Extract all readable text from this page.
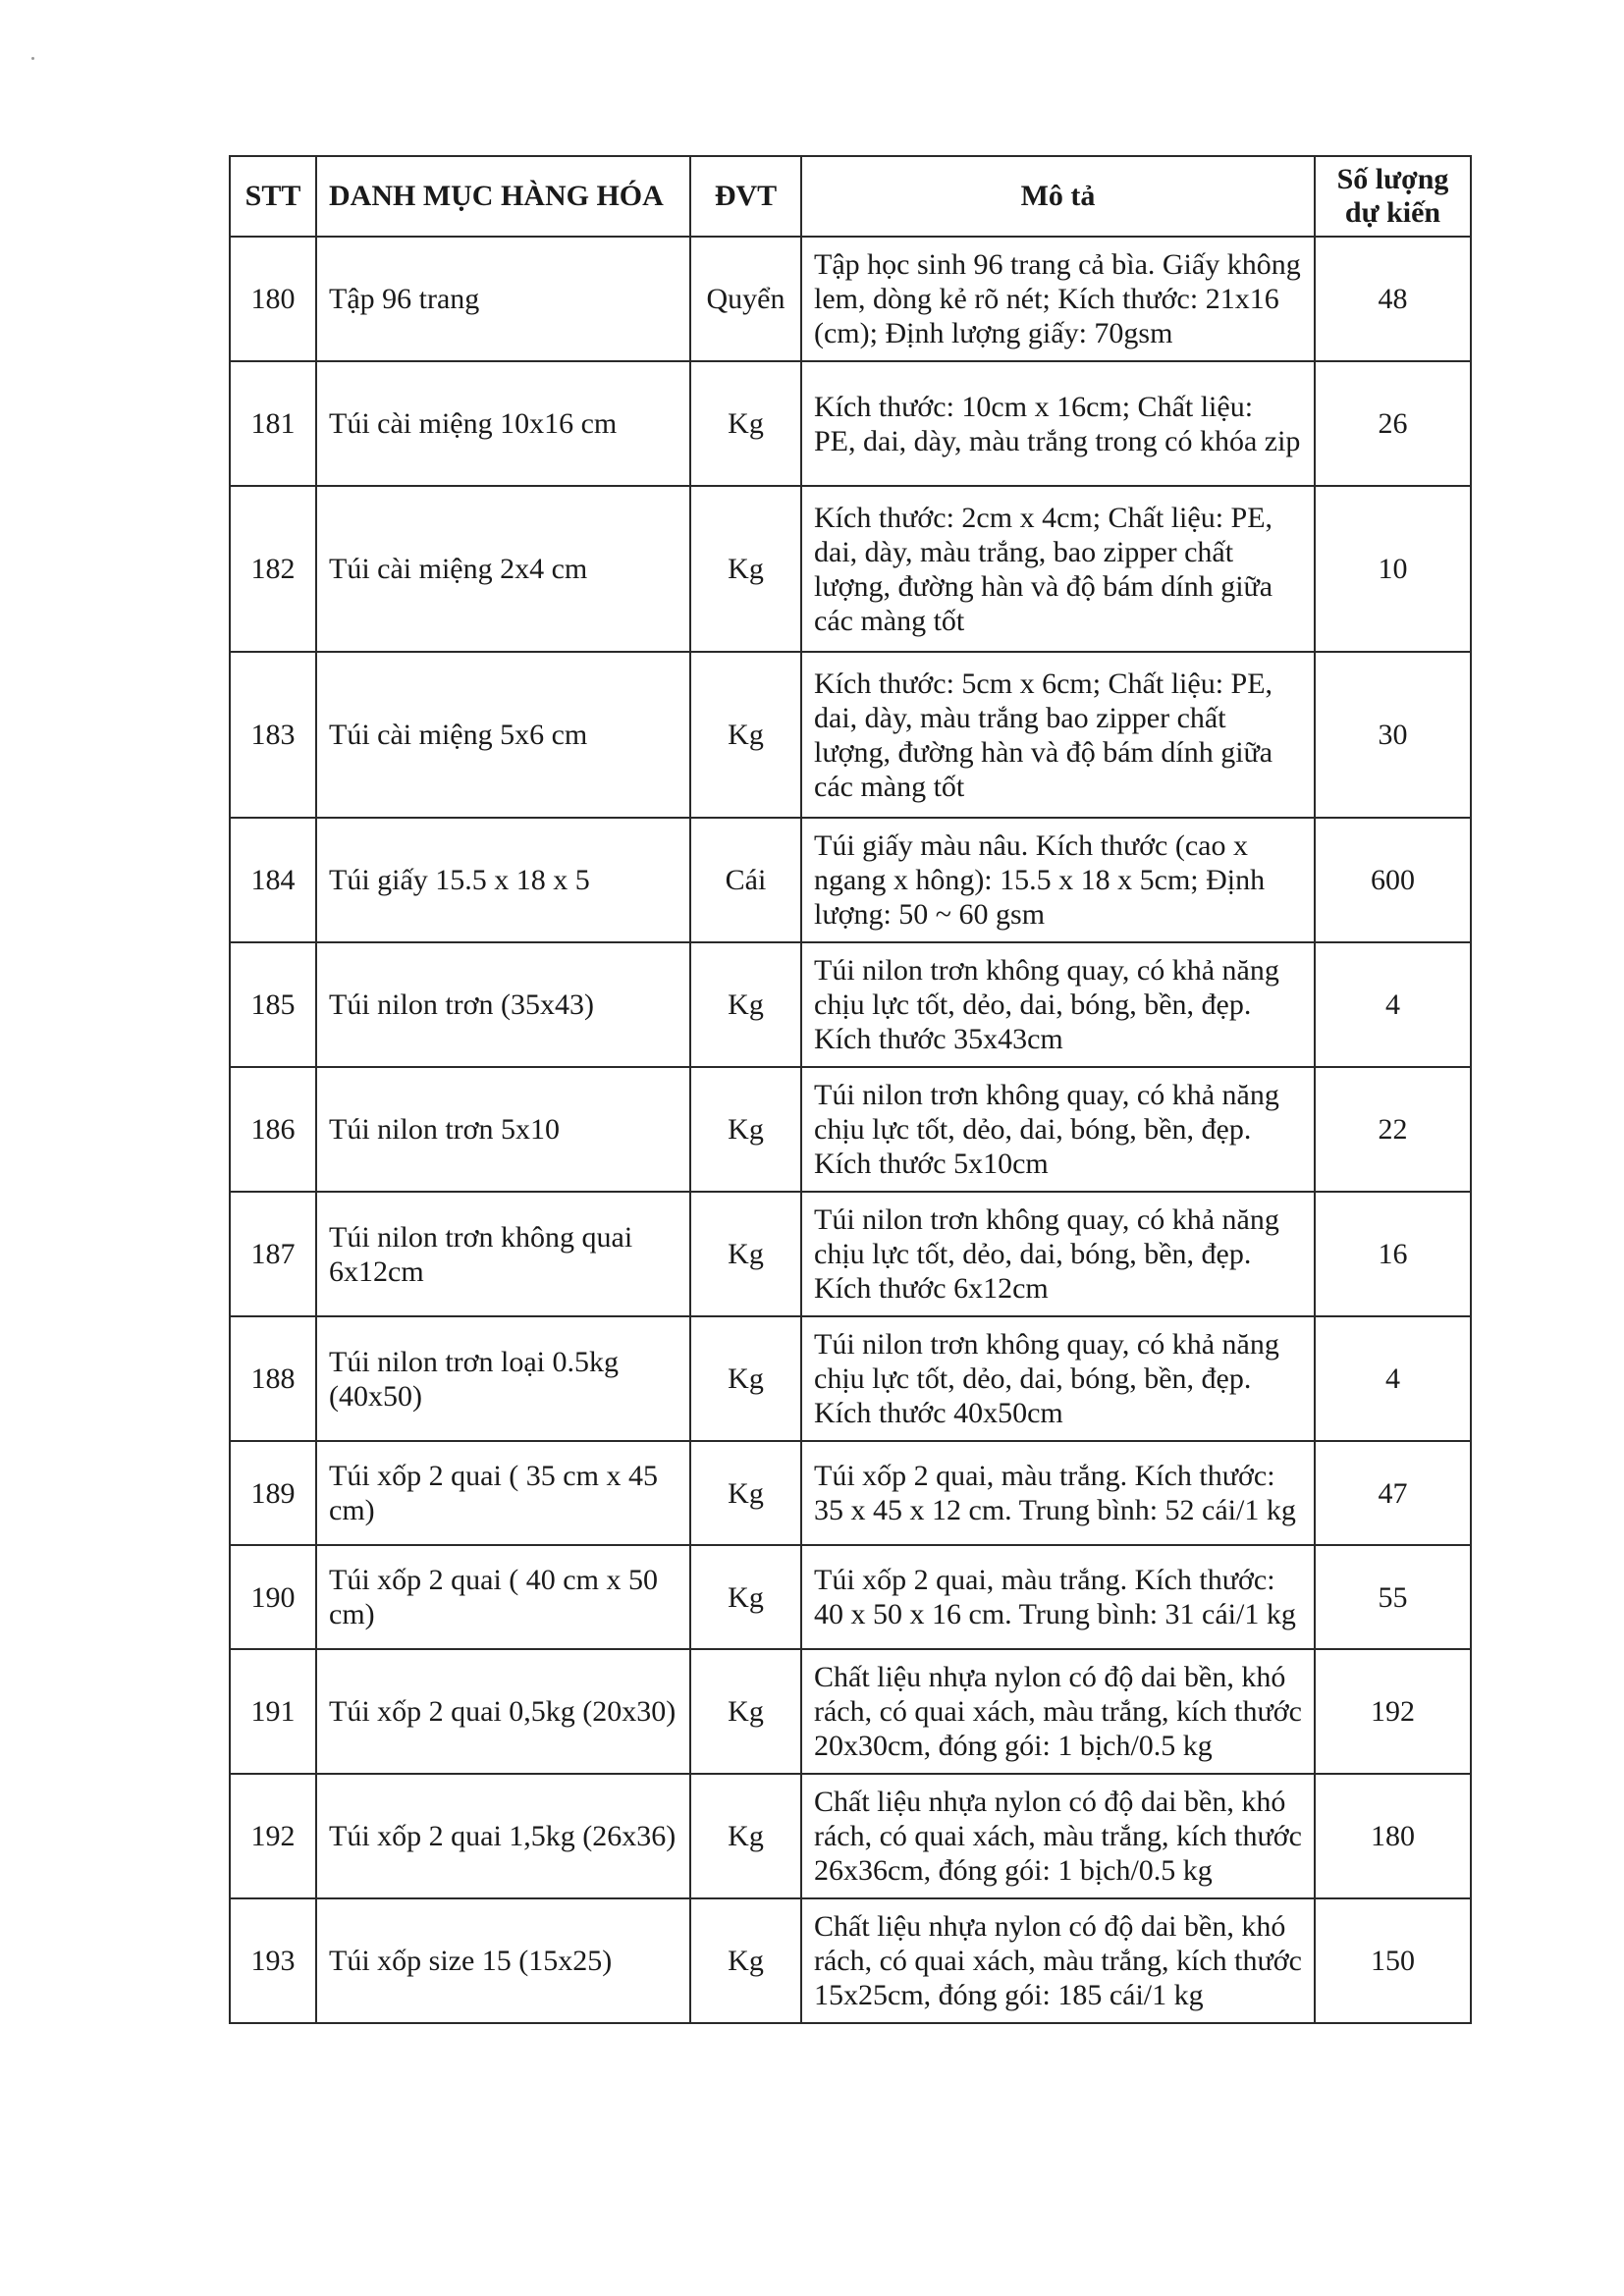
STT	DANH MỤC HÀNG HÓA	ĐVT	Mô tả	Số lượng dự kiến
180	Tập 96 trang	Quyển	Tập học sinh 96 trang cả bìa. Giấy không lem, dòng kẻ rõ nét; Kích thước: 21x16 (cm); Định lượng giấy: 70gsm	48
181	Túi cài miệng 10x16 cm	Kg	Kích thước: 10cm x 16cm; Chất liệu: PE, dai, dày, màu trắng trong có khóa zip	26
182	Túi cài miệng 2x4 cm	Kg	Kích thước: 2cm x 4cm; Chất liệu: PE, dai, dày, màu trắng, bao zipper chất lượng, đường hàn và độ bám dính giữa các màng tốt	10
183	Túi cài miệng 5x6 cm	Kg	Kích thước: 5cm x 6cm; Chất liệu: PE, dai, dày, màu trắng bao zipper chất lượng, đường hàn và độ bám dính giữa các màng tốt	30
184	Túi giấy 15.5 x 18 x 5	Cái	Túi giấy màu nâu. Kích thước (cao x ngang x hông): 15.5 x 18 x 5cm; Định lượng: 50 ~ 60 gsm	600
185	Túi nilon trơn (35x43)	Kg	Túi nilon trơn không quay, có khả năng chịu lực tốt, dẻo, dai, bóng, bền, đẹp. Kích thước 35x43cm	4
186	Túi nilon trơn 5x10	Kg	Túi nilon trơn không quay, có khả năng chịu lực tốt, dẻo, dai, bóng, bền, đẹp. Kích thước 5x10cm	22
187	Túi nilon trơn không quai 6x12cm	Kg	Túi nilon trơn không quay, có khả năng chịu lực tốt, dẻo, dai, bóng, bền, đẹp. Kích thước 6x12cm	16
188	Túi nilon trơn loại 0.5kg (40x50)	Kg	Túi nilon trơn không quay, có khả năng chịu lực tốt, dẻo, dai, bóng, bền, đẹp. Kích thước 40x50cm	4
189	Túi xốp 2 quai ( 35 cm x 45 cm)	Kg	Túi xốp 2 quai, màu trắng. Kích thước: 35 x 45 x 12 cm. Trung bình: 52 cái/1 kg	47
190	Túi xốp 2 quai ( 40 cm x 50 cm)	Kg	Túi xốp 2 quai, màu trắng. Kích thước: 40 x 50 x 16 cm. Trung bình: 31 cái/1 kg	55
191	Túi xốp 2 quai 0,5kg (20x30)	Kg	Chất liệu nhựa nylon có độ dai bền, khó rách, có quai xách, màu trắng, kích thước 20x30cm, đóng gói: 1 bịch/0.5 kg	192
192	Túi xốp 2 quai 1,5kg (26x36)	Kg	Chất liệu nhựa nylon có độ dai bền, khó rách, có quai xách, màu trắng, kích thước 26x36cm, đóng gói: 1 bịch/0.5 kg	180
193	Túi xốp size 15 (15x25)	Kg	Chất liệu nhựa nylon có độ dai bền, khó rách, có quai xách, màu trắng, kích thước 15x25cm, đóng gói: 185 cái/1 kg	150
